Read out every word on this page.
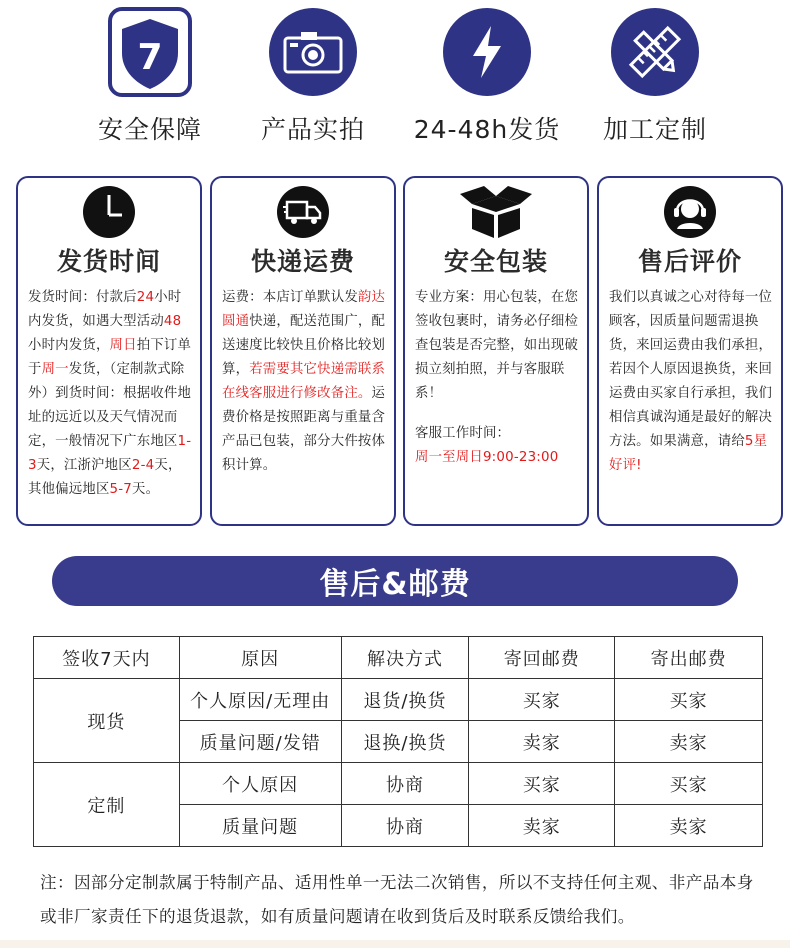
7
安全保障	产品实拍	24-48h发货	加工定制
发货时间
发货时间：付款后24小时内发货，如遇大型活动48小时内发货，周日拍下订单于周一发货，（定制款式除外）到货时间：根据收件地址的远近以及天气情况而定，一般情况下广东地区1-3天，江浙沪地区2-4天，其他偏远地区5-7天。
快递运费
运费：本店订单默认发韵达圆通快递，配送范围广，配送速度比较快且价格比较划算，若需要其它快递需联系在线客服进行修改备注。运费价格是按照距离与重量含产品已包装，部分大件按体积计算。
安全包装
专业方案：用心包装，在您签收包裹时，请务必仔细检查包装是否完整，如出现破损立刻拍照，并与客服联系！
客服工作时间：
周一至周日9:00-23:00
售后评价
我们以真诚之心对待每一位顾客，因质量问题需退换货，来回运费由我们承担，若因个人原因退换货，来回运费由买家自行承担，我们相信真诚沟通是最好的解决方法。如果满意，请给5星好评!
售后&邮费
签收7天内	原因	解决方式	寄回邮费	寄出邮费
现货	个人原因/无理由	退货/换货	买家	买家
	质量问题/发错	退换/换货	卖家	卖家
定制	个人原因	协商	买家	买家
	质量问题	协商	卖家	卖家
注：因部分定制款属于特制产品、适用性单一无法二次销售，所以不支持任何主观、非产品本身或非厂家责任下的退货退款，如有质量问题请在收到货后及时联系反馈给我们。
